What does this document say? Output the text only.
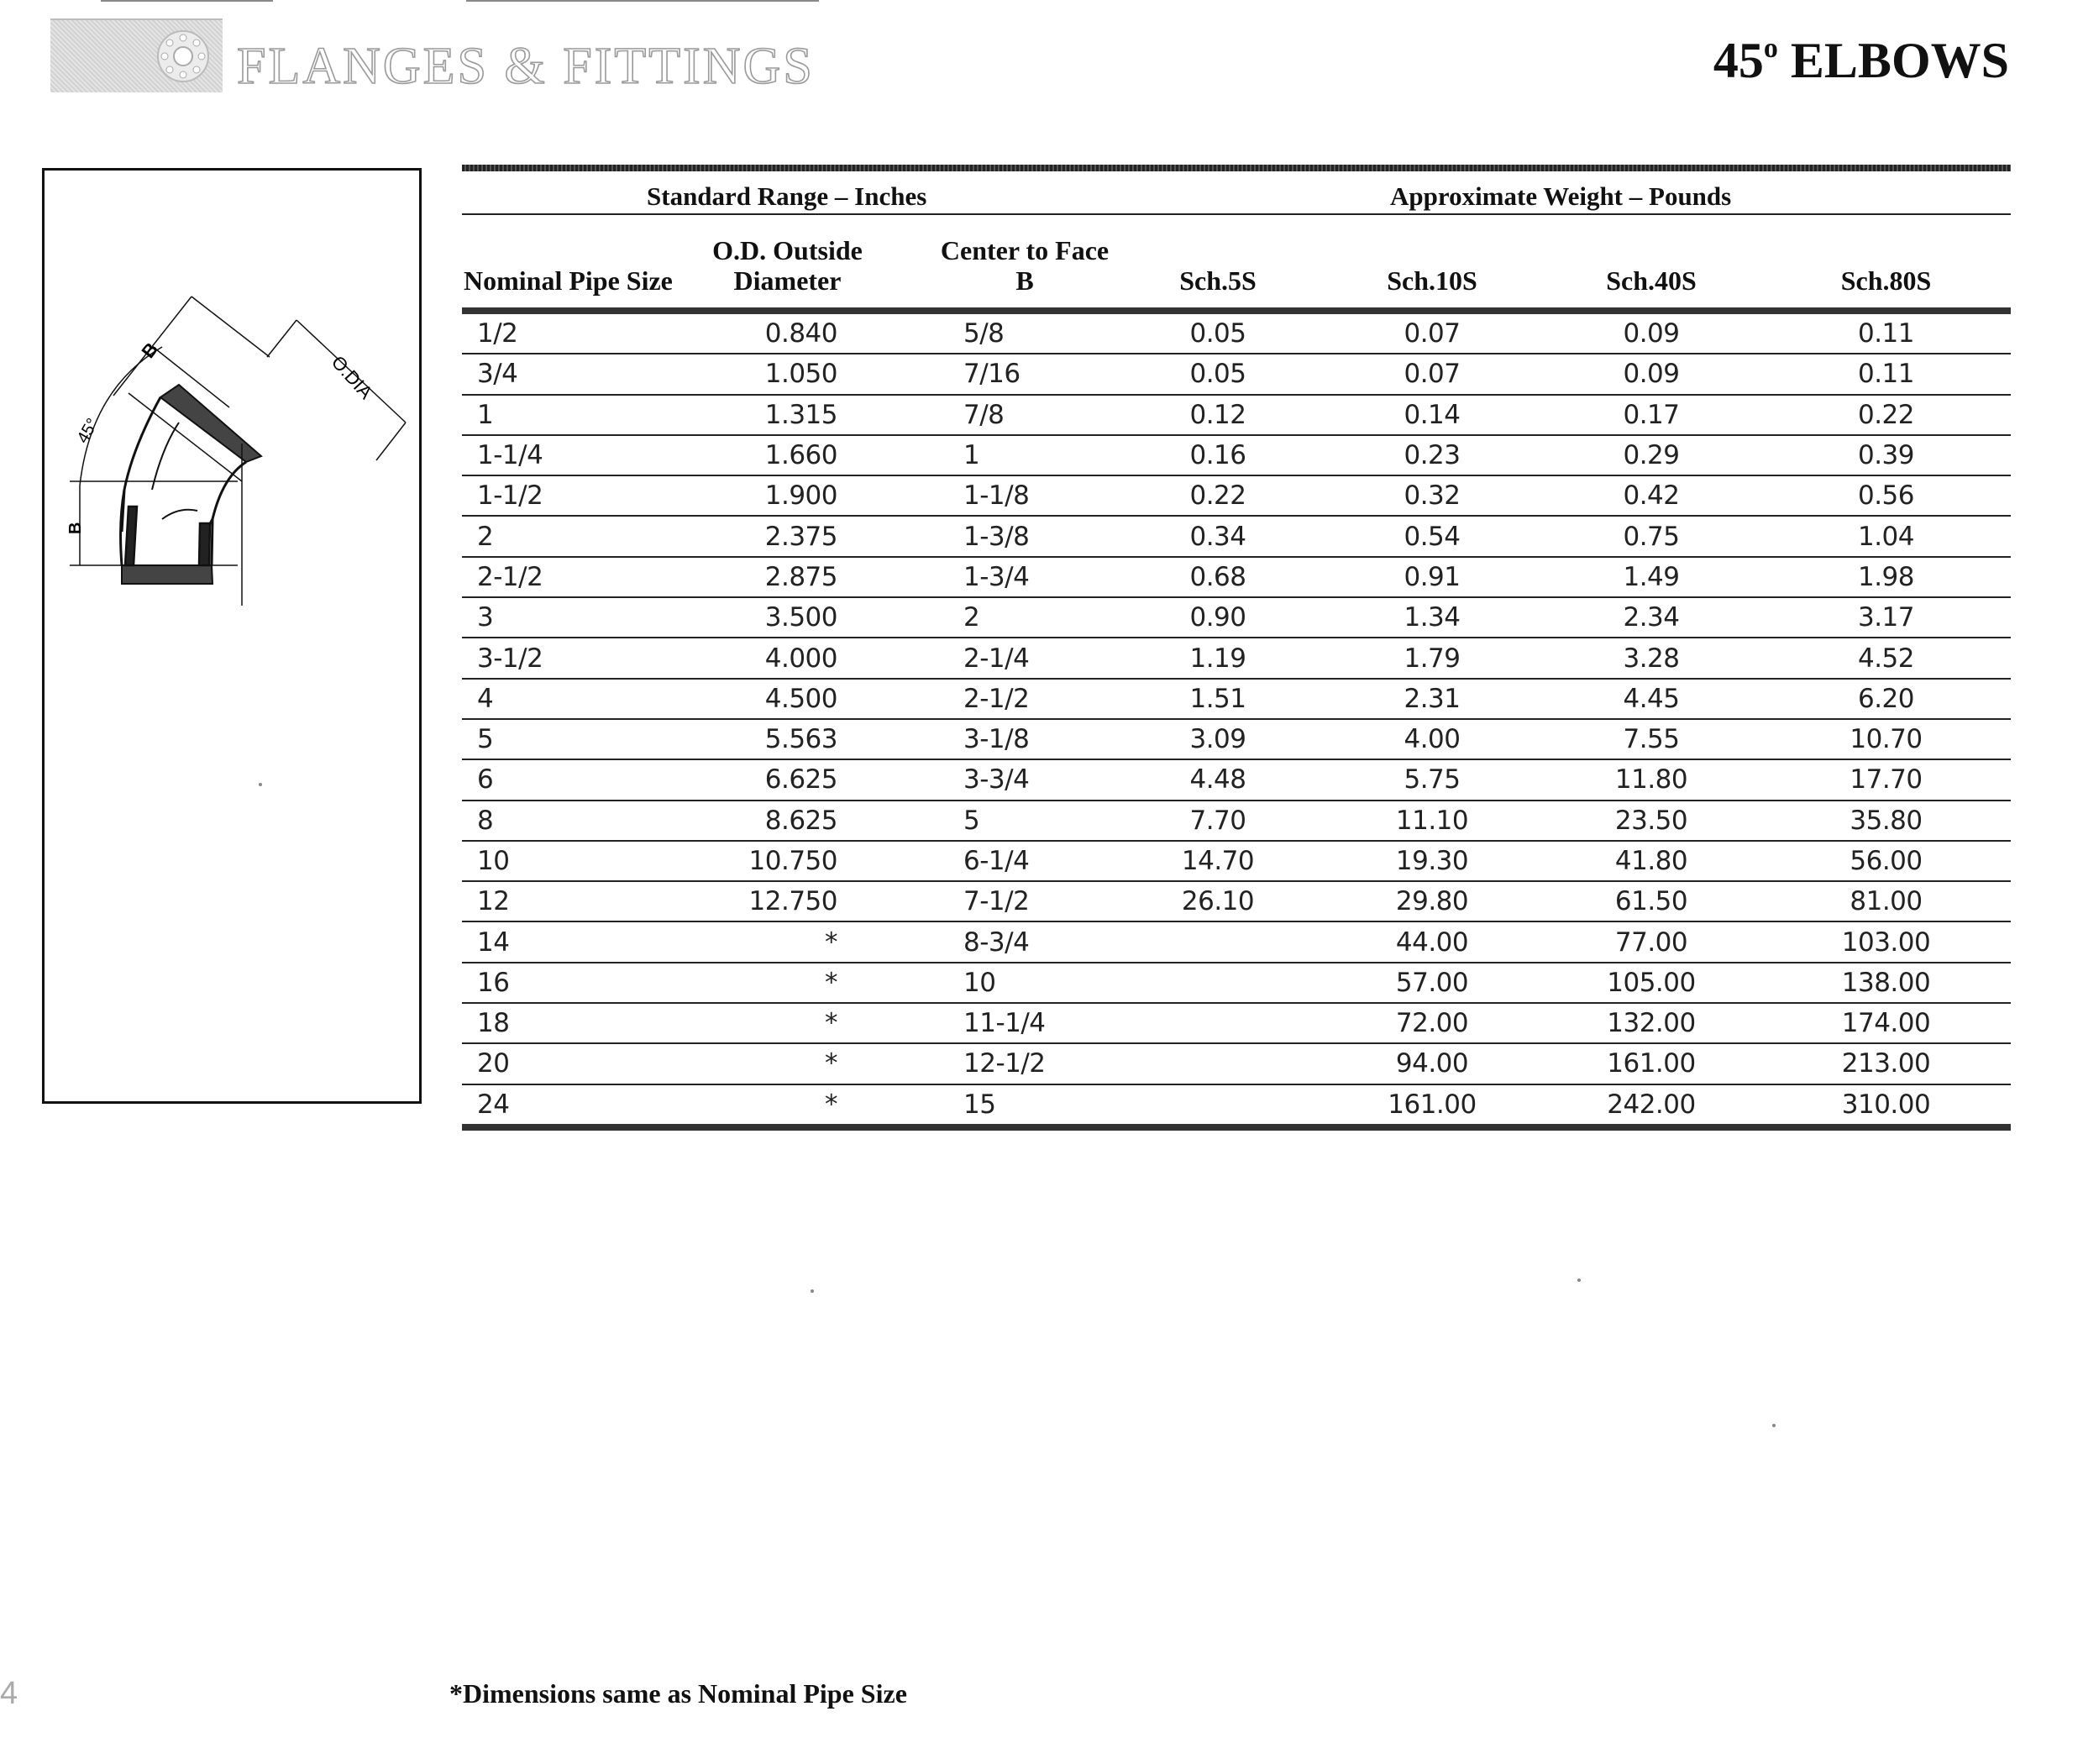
FLANGES & FITTINGS	45$^o$ ELBOWS
B
O.DIA
45°
B
Standard Range – Inches	Approximate Weight – Pounds
Nominal Pipe Size	O.D. Outside Diameter	Center to Face B	Sch.5S	Sch.10S	Sch.40S	Sch.80S
1/2	0.840	5/8	0.05	0.07	0.09	0.11
3/4	1.050	7/16	0.05	0.07	0.09	0.11
1	1.315	7/8	0.12	0.14	0.17	0.22
1-1/4	1.660	1	0.16	0.23	0.29	0.39
1-1/2	1.900	1-1/8	0.22	0.32	0.42	0.56
2	2.375	1-3/8	0.34	0.54	0.75	1.04
2-1/2	2.875	1-3/4	0.68	0.91	1.49	1.98
3	3.500	2	0.90	1.34	2.34	3.17
3-1/2	4.000	2-1/4	1.19	1.79	3.28	4.52
4	4.500	2-1/2	1.51	2.31	4.45	6.20
5	5.563	3-1/8	3.09	4.00	7.55	10.70
6	6.625	3-3/4	4.48	5.75	11.80	17.70
8	8.625	5	7.70	11.10	23.50	35.80
10	10.750	6-1/4	14.70	19.30	41.80	56.00
12	12.750	7-1/2	26.10	29.80	61.50	81.00
14	*	8-3/4		44.00	77.00	103.00
16	*	10		57.00	105.00	138.00
18	*	11-1/4		72.00	132.00	174.00
20	*	12-1/2		94.00	161.00	213.00
24	*	15		161.00	242.00	310.00
*Dimensions same as Nominal Pipe Size
4
